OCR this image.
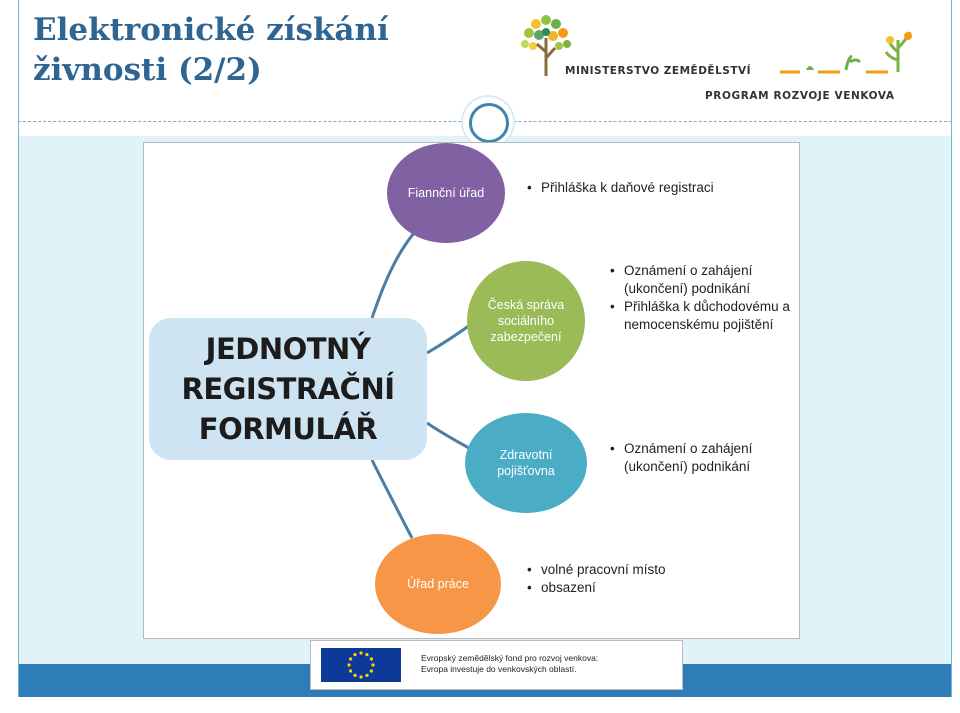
Elektronické získání
živnosti (2/2)	MINISTERSTVO ZEMĚDĚLSTVÍ
PROGRAM ROZVOJE VENKOVA
JEDNOTNÝ REGISTRAČNÍ
FORMULÁŘ
Fiannční úřad
•	Přihláška k daňové registraci
Česká správa sociálního zabezpečení
• Oznámení o zahájení (ukončení) podnikání
• Přihláška k důchodovému a nemocenskému pojištění
Zdravotní pojišťovna
• Oznámení o zahájení (ukončení) podnikání
Úřad práce
• volné pracovní místo
• obsazení
Evropský zemědělský fond pro rozvoj venkova:
Evropa investuje do venkovských oblastí.
